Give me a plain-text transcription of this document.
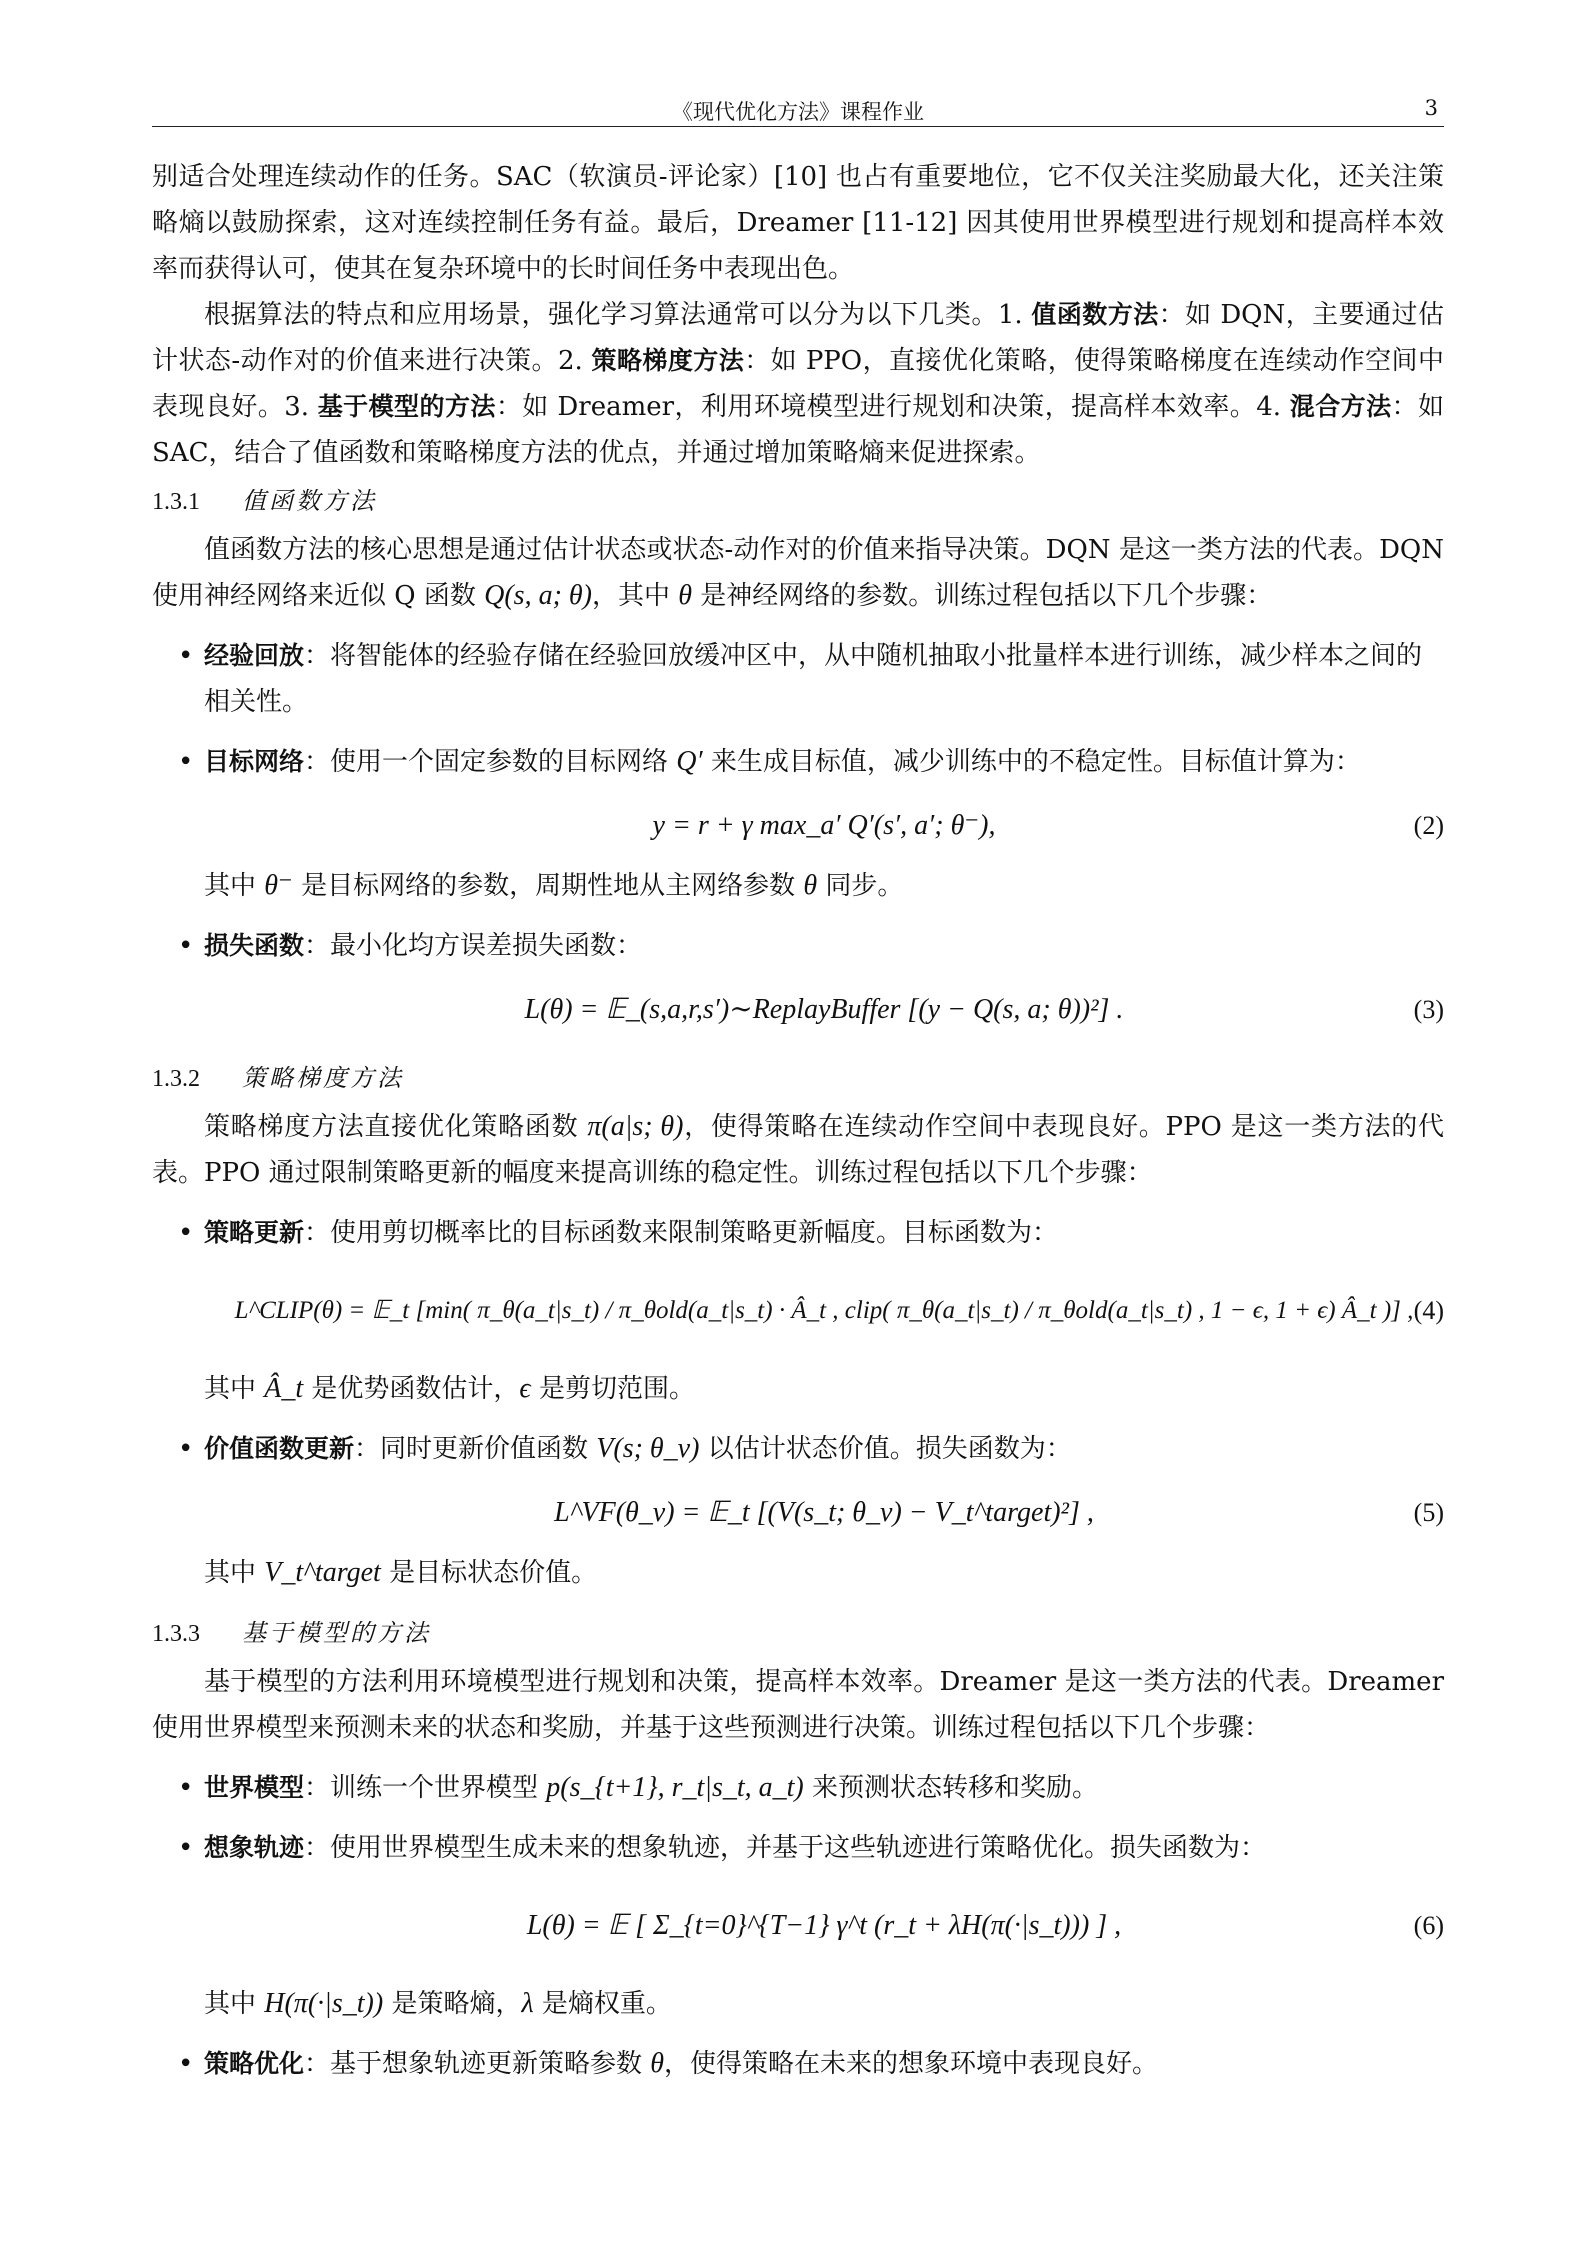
《现代优化方法》课程作业	3

别适合处理连续动作的任务。SAC（软演员-评论家）[10] 也占有重要地位，它不仅关注奖励最大化，还关注策略熵以鼓励探索，这对连续控制任务有益。最后，Dreamer [11-12] 因其使用世界模型进行规划和提高样本效率而获得认可，使其在复杂环境中的长时间任务中表现出色。

根据算法的特点和应用场景，强化学习算法通常可以分为以下几类。1. 值函数方法：如 DQN，主要通过估计状态-动作对的价值来进行决策。2. 策略梯度方法：如 PPO，直接优化策略，使得策略梯度在连续动作空间中表现良好。3. 基于模型的方法：如 Dreamer，利用环境模型进行规划和决策，提高样本效率。4. 混合方法：如 SAC，结合了值函数和策略梯度方法的优点，并通过增加策略熵来促进探索。

1.3.1 值函数方法

值函数方法的核心思想是通过估计状态或状态-动作对的价值来指导决策。DQN 是这一类方法的代表。DQN 使用神经网络来近似 Q 函数 Q(s, a; θ)，其中 θ 是神经网络的参数。训练过程包括以下几个步骤：

• 经验回放：将智能体的经验存储在经验回放缓冲区中，从中随机抽取小批量样本进行训练，减少样本之间的相关性。
• 目标网络：使用一个固定参数的目标网络 Q′ 来生成目标值，减少训练中的不稳定性。目标值计算为：
y = r + γ max_a′ Q′(s′, a′; θ⁻),	(2)
其中 θ⁻ 是目标网络的参数，周期性地从主网络参数 θ 同步。
• 损失函数：最小化均方误差损失函数：
L(θ) = 𝔼_(s,a,r,s′)∼ReplayBuffer [(y − Q(s, a; θ))²] .	(3)
1.3.2 策略梯度方法

策略梯度方法直接优化策略函数 π(a|s; θ)，使得策略在连续动作空间中表现良好。PPO 是这一类方法的代表。PPO 通过限制策略更新的幅度来提高训练的稳定性。训练过程包括以下几个步骤：

• 策略更新：使用剪切概率比的目标函数来限制策略更新幅度。目标函数为：
L^CLIP(θ) = 𝔼_t [min( π_θ(a_t|s_t) / π_θold(a_t|s_t) · Â_t , clip( π_θ(a_t|s_t) / π_θold(a_t|s_t) , 1 − ϵ, 1 + ϵ) Â_t )] , (4)
其中 Â_t 是优势函数估计，ϵ 是剪切范围。
• 价值函数更新：同时更新价值函数 V(s; θ_v) 以估计状态价值。损失函数为：
L^VF(θ_v) = 𝔼_t [(V(s_t; θ_v) − V_t^target)²] ,	(5)
其中 V_t^target 是目标状态价值。
1.3.3 基于模型的方法

基于模型的方法利用环境模型进行规划和决策，提高样本效率。Dreamer 是这一类方法的代表。Dreamer 使用世界模型来预测未来的状态和奖励，并基于这些预测进行决策。训练过程包括以下几个步骤：

• 世界模型：训练一个世界模型 p(s_{t+1}, r_t|s_t, a_t) 来预测状态转移和奖励。
• 想象轨迹：使用世界模型生成未来的想象轨迹，并基于这些轨迹进行策略优化。损失函数为：
L(θ) = 𝔼 [ Σ_{t=0}^{T−1} γ^t (r_t + λH(π(·|s_t))) ] ,	(6)
其中 H(π(·|s_t)) 是策略熵，λ 是熵权重。
• 策略优化：基于想象轨迹更新策略参数 θ，使得策略在未来的想象环境中表现良好。
